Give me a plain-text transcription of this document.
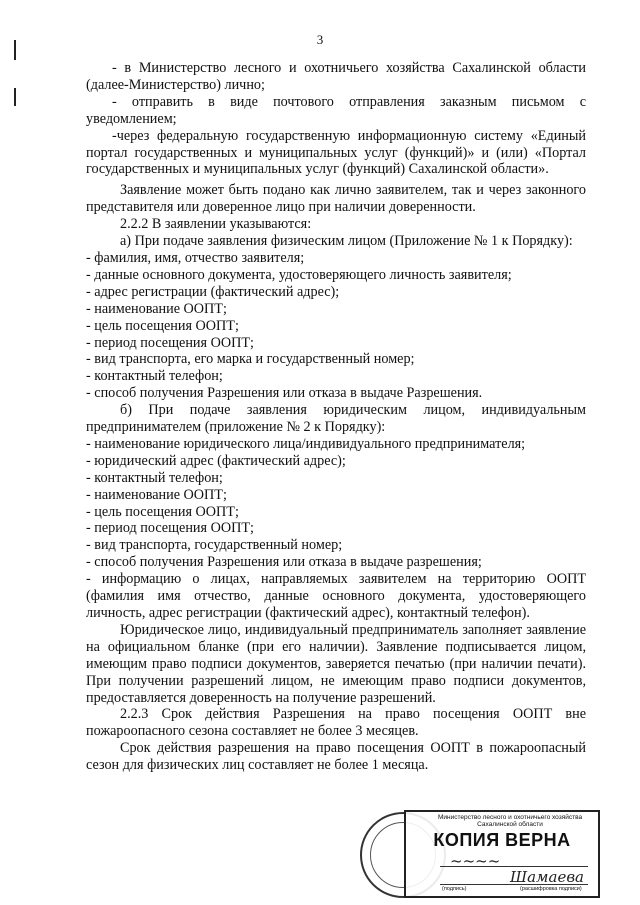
3

- в Министерство лесного и охотничьего хозяйства Сахалинской области (далее-Министерство) лично;

- отправить в виде почтового отправления заказным письмом с уведомлением;

-через федеральную государственную информационную систему «Единый портал государственных и муниципальных услуг (функций)» и (или) «Портал государственных и муниципальных услуг (функций) Сахалинской области».

Заявление может быть подано как лично заявителем, так и через законного представителя или доверенное лицо при наличии доверенности.

2.2.2 В заявлении указываются:

а) При подаче заявления физическим лицом (Приложение № 1 к Порядку):

- фамилия, имя, отчество заявителя;

- данные основного документа, удостоверяющего личность заявителя;

- адрес регистрации (фактический адрес);

- наименование ООПТ;

- цель посещения ООПТ;

- период посещения ООПТ;

- вид транспорта, его марка и государственный номер;

- контактный телефон;

- способ получения Разрешения или отказа в выдаче Разрешения.

б) При подаче заявления юридическим лицом, индивидуальным предпринимателем (приложение № 2 к Порядку):

- наименование юридического лица/индивидуального предпринимателя;

- юридический адрес (фактический адрес);

- контактный телефон;

- наименование ООПТ;

- цель посещения ООПТ;

- период посещения ООПТ;

- вид транспорта, государственный номер;

- способ получения Разрешения или отказа в выдаче разрешения;

- информацию о лицах, направляемых заявителем на территорию ООПТ (фамилия имя отчество, данные основного документа, удостоверяющего личность, адрес регистрации (фактический адрес), контактный телефон).

Юридическое лицо, индивидуальный предприниматель заполняет заявление на официальном бланке (при его наличии). Заявление подписывается лицом, имеющим право подписи документов, заверяется печатью (при наличии печати). При получении разрешений лицом, не имеющим право подписи документов, предоставляется доверенность на получение разрешений.

2.2.3 Срок действия Разрешения на право посещения ООПТ вне пожароопасного сезона составляет не более 3 месяцев.

Срок действия разрешения на право посещения ООПТ в пожароопасный сезон для физических лиц составляет не более 1 месяца.

Министерство лесного и охотничьего хозяйства Сахалинской области
КОПИЯ ВЕРНА
~~~~
Шамаева
(подпись)	(расшифровка подписи)
